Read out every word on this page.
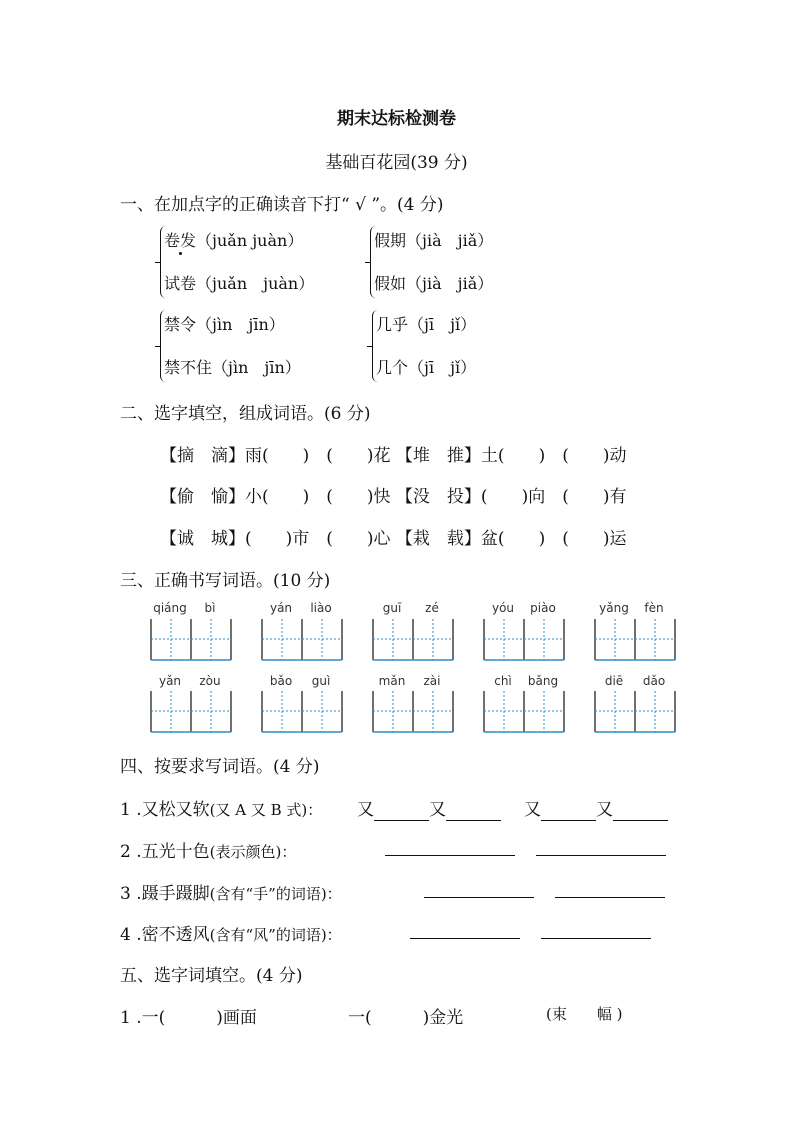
期末达标检测卷
基础百花园(39 分)
一、在加点字的正确读音下打“ √ ”。(4 分)
卷发（juǎn juàn）
试卷（juǎn　juàn）
假期（jià　jiǎ）
假如（jià　jiǎ）
禁令（jìn　jīn）
禁不住（jìn　jīn）
几乎（jī　jǐ）
几个（jī　jǐ）
二、选字填空，组成词语。(6 分)
【摘　滴】雨(　　)　(　　)花 【堆　推】土(　　)　(　　)动
【偷　愉】小(　　)　(　　)快 【没　投】(　　)向　(　　)有
【诚　城】(　　)市　(　　)心 【栽　载】盆(　　)　(　　)运
三、正确书写词语。(10 分)
qiáng	bì	yán	liào	guī	zé	yóu	piào	yǎng	fèn
yǎn	zòu	bǎo	guì	mǎn	zài	chì	bǎng	diē	dǎo
四、按要求写词语。(4 分)
1 .又松又软(又 A 又 B 式)： 又	又	又	又
2 .五光十色(表示颜色)：
3 .蹑手蹑脚(含有“手”的词语)：
4 .密不透风(含有“风”的词语)：
五、选字词填空。(4 分)
1 .一(　　　)画面	一(　　　)金光	(束　　幅 )
